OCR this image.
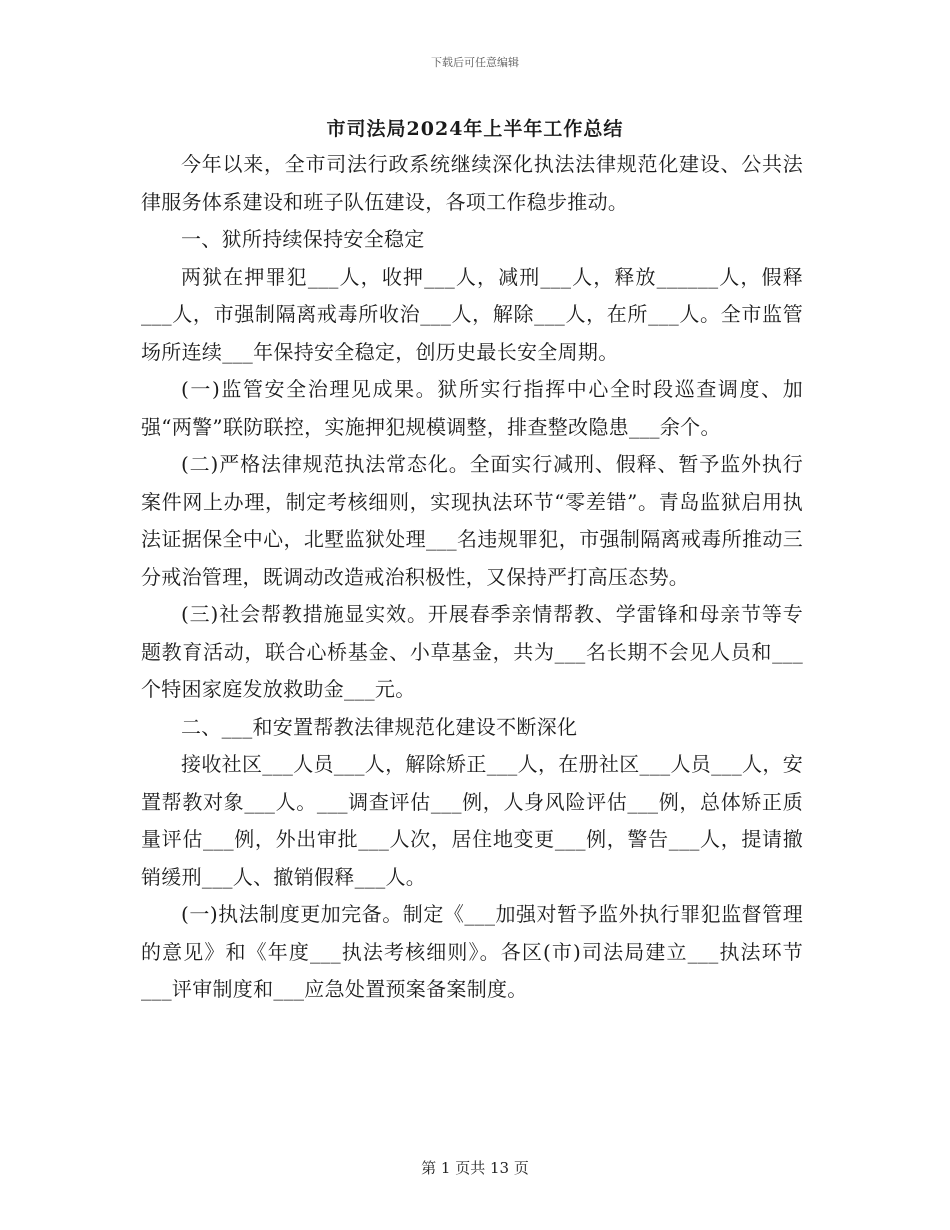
下载后可任意编辑
市司法局2024年上半年工作总结

今年以来，全市司法行政系统继续深化执法法律规范化建设、公共法律服务体系建设和班子队伍建设，各项工作稳步推动。

一、狱所持续保持安全稳定

两狱在押罪犯___人，收押___人，减刑___人，释放______人，假释___人，市强制隔离戒毒所收治___人，解除___人，在所___人。全市监管场所连续___年保持安全稳定，创历史最长安全周期。

(一)监管安全治理见成果。狱所实行指挥中心全时段巡查调度、加强“两警”联防联控，实施押犯规模调整，排查整改隐患___余个。

(二)严格法律规范执法常态化。全面实行减刑、假释、暂予监外执行案件网上办理，制定考核细则，实现执法环节“零差错”。青岛监狱启用执法证据保全中心，北墅监狱处理___名违规罪犯，市强制隔离戒毒所推动三分戒治管理，既调动改造戒治积极性，又保持严打高压态势。

(三)社会帮教措施显实效。开展春季亲情帮教、学雷锋和母亲节等专题教育活动，联合心桥基金、小草基金，共为___名长期不会见人员和___个特困家庭发放救助金___元。

二、___和安置帮教法律规范化建设不断深化

接收社区___人员___人，解除矫正___人，在册社区___人员___人，安置帮教对象___人。___调查评估___例，人身风险评估___例，总体矫正质量评估___例，外出审批___人次，居住地变更___例，警告___人，提请撤销缓刑___人、撤销假释___人。

(一)执法制度更加完备。制定《___加强对暂予监外执行罪犯监督管理的意见》和《年度___执法考核细则》。各区(市)司法局建立___执法环节___评审制度和___应急处置预案备案制度。

第 1 页共 13 页
